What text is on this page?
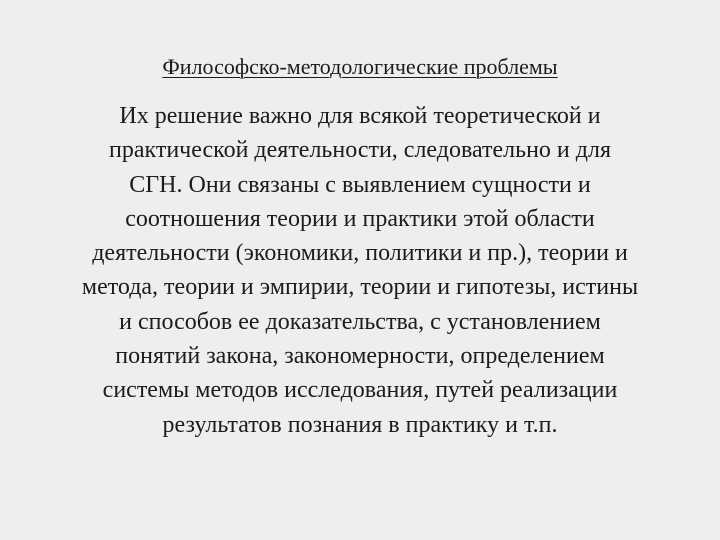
Философско-методологические проблемы
Их решение важно для всякой теоретической и
практической деятельности, следовательно и для
СГН. Они связаны с выявлением сущности и
соотношения теории и практики этой области
деятельности (экономики, политики и пр.), теории и
метода, теории и эмпирии, теории и гипотезы, истины
и способов ее доказательства, с установлением
понятий закона, закономерности, определением
системы методов исследования, путей реализации
результатов познания в практику и т.п.
